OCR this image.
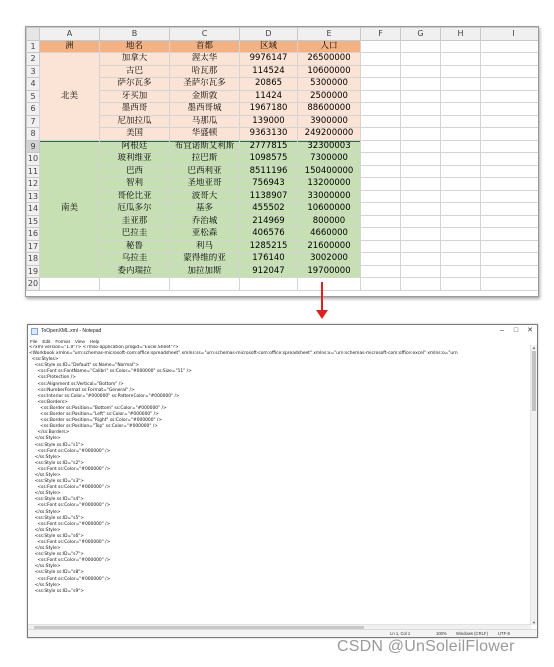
	A	B	C	D	E	F	G	H	I
1	洲	地名	首都	区域	人口				
2	北美	加拿大	渥太华	9976147	26500000				
3		古巴	哈瓦那	114524	10600000				
4		萨尔瓦多	圣萨尔瓦多	20865	5300000				
5		牙买加	金斯敦	11424	2500000				
6		墨西哥	墨西哥城	1967180	88600000				
7		尼加拉瓜	马那瓜	139000	3900000				
8		美国	华盛顿	9363130	249200000				
9	南美	阿根廷	布宜诺斯艾利斯	2777815	32300003				
10		玻利维亚	拉巴斯	1098575	7300000				
11		巴西	巴西利亚	8511196	150400000				
12		智利	圣地亚哥	756943	13200000				
13		哥伦比亚	波哥大	1138907	33000000				
14		厄瓜多尔	基多	455502	10600000				
15		圭亚那	乔治城	214969	800000				
16		巴拉圭	亚松森	406576	4660000				
17		秘鲁	利马	1285215	21600000				
18		乌拉圭	蒙得维的亚	176140	3002000				
19		委内瑞拉	加拉加斯	912047	19700000				
20									
ToOpenXML.xml - Notepad	–	□	✕
File Edit Format View Help
<?xml version="1.0"?> <?mso-application progid="Excel.Sheet"?>
<Workbook xmlns="urn:schemas-microsoft-com:office:spreadsheet" xmlns:ss="urn:schemas-microsoft-com:office:spreadsheet" xmlns:x="urn:schemas-microsoft-com:office:excel" xmlns:o="urn
<ss:Styles>
<ss:Style ss:ID="Default" ss:Name="Normal">
<ss:Font ss:FontName="Calibri" ss:Color="#000000" ss:Size="11" />
<ss:Protection />
<ss:Alignment ss:Vertical="Bottom" />
<ss:NumberFormat ss:Format="General" />
<ss:Interior ss:Color="#000000" ss:PatternColor="#000000" />
<ss:Borders>
<ss:Border ss:Position="Bottom" ss:Color="#000000" />
<ss:Border ss:Position="Left" ss:Color="#000000" />
<ss:Border ss:Position="Right" ss:Color="#000000" />
<ss:Border ss:Position="Top" ss:Color="#000000" />
</ss:Borders>
</ss:Style>
<ss:Style ss:ID="s1">
<ss:Font ss:Color="#000000" />
</ss:Style>
<ss:Style ss:ID="s2">
<ss:Font ss:Color="#000000" />
</ss:Style>
<ss:Style ss:ID="s3">
<ss:Font ss:Color="#000000" />
</ss:Style>
<ss:Style ss:ID="s4">
<ss:Font ss:Color="#000000" />
</ss:Style>
<ss:Style ss:ID="s5">
<ss:Font ss:Color="#000000" />
</ss:Style>
<ss:Style ss:ID="s6">
<ss:Font ss:Color="#000000" />
</ss:Style>
<ss:Style ss:ID="s7">
<ss:Font ss:Color="#000000" />
</ss:Style>
<ss:Style ss:ID="s8">
<ss:Font ss:Color="#000000" />
</ss:Style>
<ss:Style ss:ID="s9">
▲
▼
Ln 1, Col 1	100% Windows (CRLF) UTF-8
CSDN @UnSoleilFlower
